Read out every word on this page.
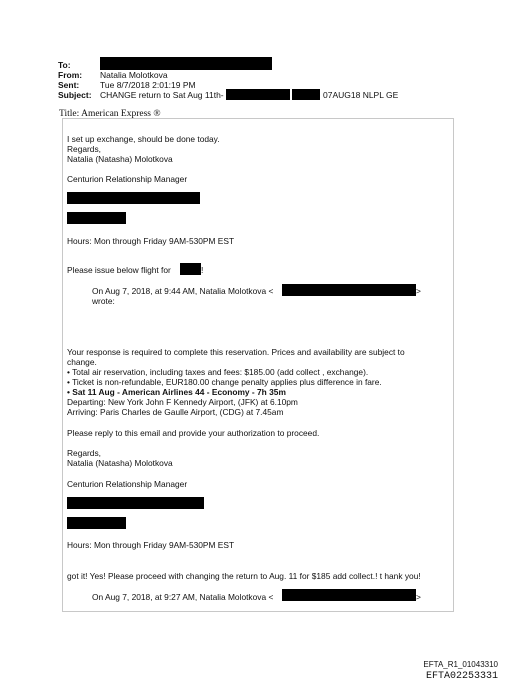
To:
From: Natalia Molotkova
Sent: Tue 8/7/2018 2:01:19 PM
Subject: CHANGE return to Sat Aug 11th-	07AUG18 NLPL GE
Title: American Express ®
I set up exchange, should be done today.
Regards,
Natalia (Natasha) Molotkova
Centurion Relationship Manager
Hours: Mon through Friday 9AM-530PM EST
Please issue below flight for	!
On Aug 7, 2018, at 9:44 AM, Natalia Molotkova <	>
wrote:
Your response is required to complete this reservation. Prices and availability are subject to
change.
• Total air reservation, including taxes and fees: $185.00 (add collect , exchange).
• Ticket is non-refundable, EUR180.00 change penalty applies plus difference in fare.
• Sat 11 Aug - American Airlines 44 - Economy - 7h 35m
Departing: New York John F Kennedy Airport, (JFK) at 6.10pm
Arriving: Paris Charles de Gaulle Airport, (CDG) at 7.45am
Please reply to this email and provide your authorization to proceed.
Regards,
Natalia (Natasha) Molotkova
Centurion Relationship Manager
Hours: Mon through Friday 9AM-530PM EST
got it! Yes! Please proceed with changing the return to Aug. 11 for $185 add collect.! t hank you!
On Aug 7, 2018, at 9:27 AM, Natalia Molotkova <	>
EFTA_R1_01043310
EFTA02253331
